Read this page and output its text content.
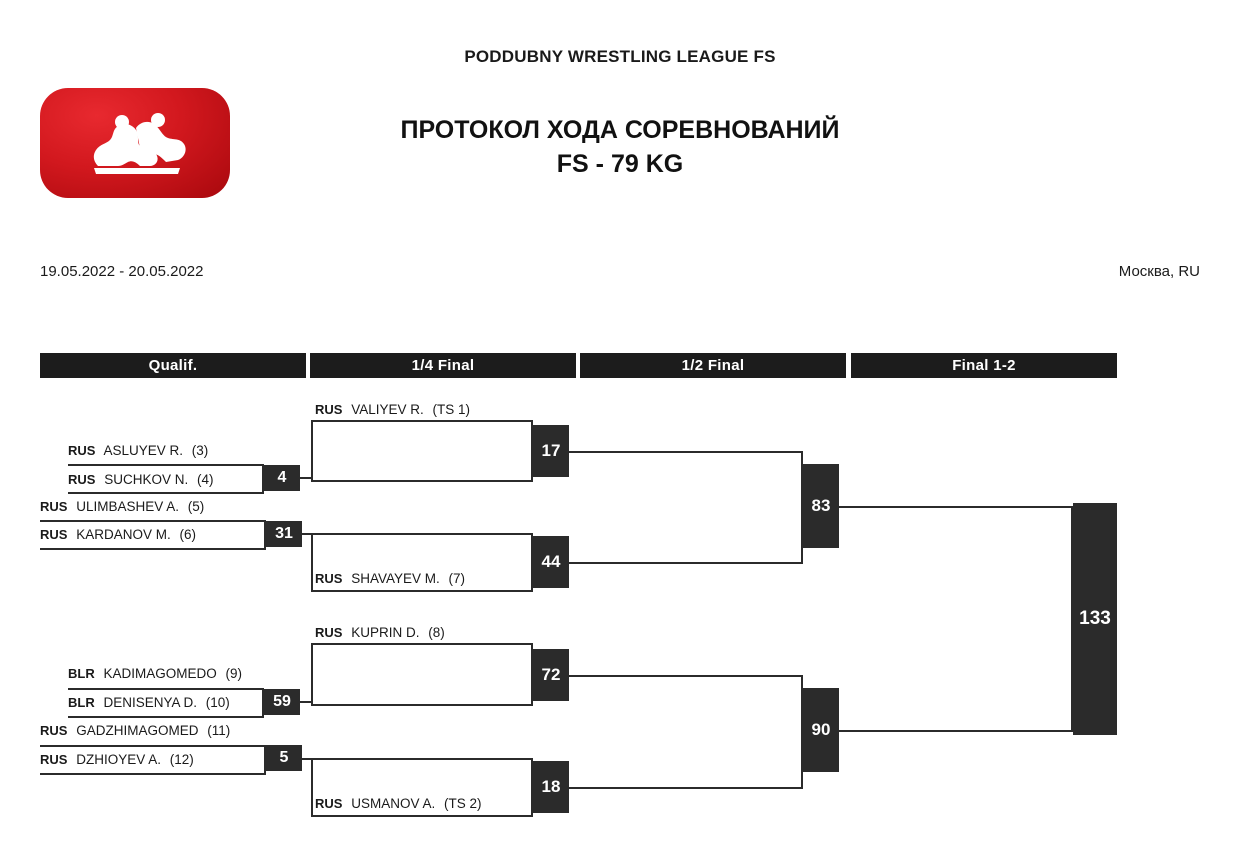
PODDUBNY WRESTLING LEAGUE FS
ПРОТОКОЛ ХОДА СОРЕВНОВАНИЙ
FS - 79 KG
19.05.2022 - 20.05.2022	Москва, RU
Qualif.	1/4 Final	1/2 Final	Final 1-2
RUS VALIYEV R. (TS 1)
RUS ASLUYEV R. (3)
RUS SUCHKOV N. (4)	4
RUS ULIMBASHEV A. (5)
RUS KARDANOV M. (6)	31
17
RUS SHAVAYEV M. (7)
44
83
RUS KUPRIN D. (8)
BLR KADIMAGOMEDO (9)
BLR DENISENYA D. (10)	59
RUS GADZHIMAGOMED (11)
RUS DZHIOYEV A. (12)	5
72
RUS USMANOV A. (TS 2)
18
90
133
